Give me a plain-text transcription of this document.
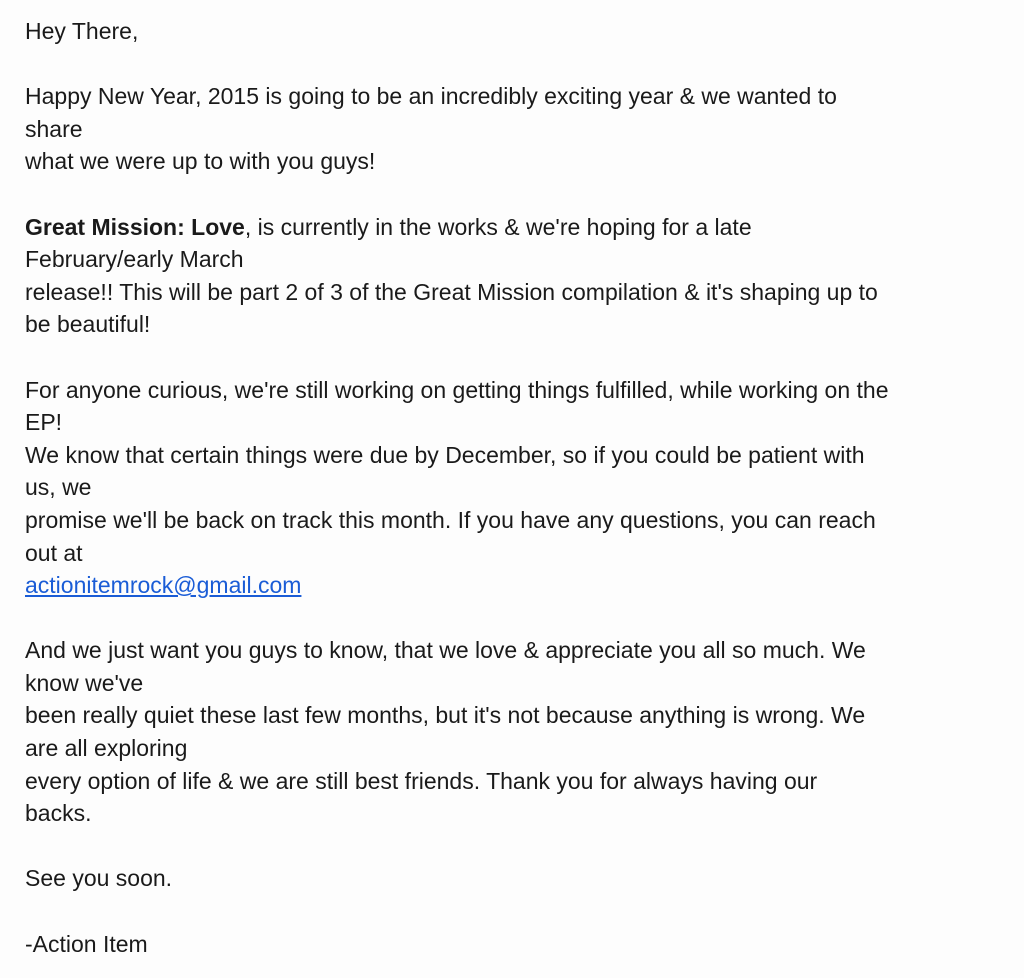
Hey There,
Happy New Year, 2015 is going to be an incredibly exciting year & we wanted to
share
what we were up to with you guys!
Great Mission: Love, is currently in the works & we're hoping for a late
February/early March
release!! This will be part 2 of 3 of the Great Mission compilation & it's shaping up to
be beautiful!
For anyone curious, we're still working on getting things fulfilled, while working on the
EP!
We know that certain things were due by December, so if you could be patient with
us, we
promise we'll be back on track this month. If you have any questions, you can reach
out at
actionitemrock@gmail.com
And we just want you guys to know, that we love & appreciate you all so much. We
know we've
been really quiet these last few months, but it's not because anything is wrong. We
are all exploring
every option of life & we are still best friends. Thank you for always having our
backs.
See you soon.
-Action Item
